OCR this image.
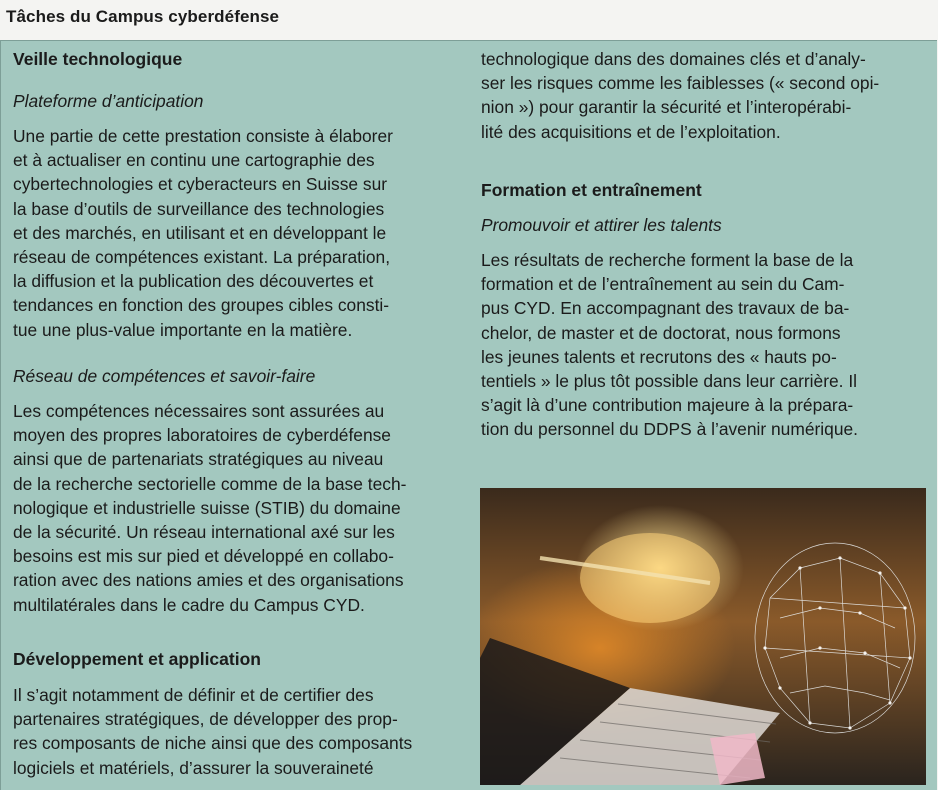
Tâches du Campus cyberdéfense
Veille technologique
Plateforme d’anticipation

Une partie de cette prestation consiste à élaborer
et à actualiser en continu une cartographie des
cybertechnologies et cyberacteurs en Suisse sur
la base d’outils de surveillance des technologies
et des marchés, en utilisant et en développant le
réseau de compétences existant. La préparation,
la diffusion et la publication des découvertes et
tendances en fonction des groupes cibles consti-
tue une plus-value importante en la matière.

Réseau de compétences et savoir-faire

Les compétences nécessaires sont assurées au
moyen des propres laboratoires de cyberdéfense
ainsi que de partenariats stratégiques au niveau
de la recherche sectorielle comme de la base tech-
nologique et industrielle suisse (STIB) du domaine
de la sécurité. Un réseau international axé sur les
besoins est mis sur pied et développé en collabo-
ration avec des nations amies et des organisations
multilatérales dans le cadre du Campus CYD.

Développement et application

Il s’agit notamment de définir et de certifier des
partenaires stratégiques, de développer des prop-
res composants de niche ainsi que des composants
logiciels et matériels, d’assurer la souveraineté

technologique dans des domaines clés et d’analy-
ser les risques comme les faiblesses (« second opi-
nion ») pour garantir la sécurité et l’interopérabi-
lité des acquisitions et de l’exploitation.

Formation et entraînement
Promouvoir et attirer les talents

Les résultats de recherche forment la base de la
formation et de l’entraînement au sein du Cam-
pus CYD. En accompagnant des travaux de ba-
chelor, de master et de doctorat, nous formons
les jeunes talents et recrutons des « hauts po-
tentiels » le plus tôt possible dans leur carrière. Il
s’agit là d’une contribution majeure à la prépara-
tion du personnel du DDPS à l’avenir numérique.
